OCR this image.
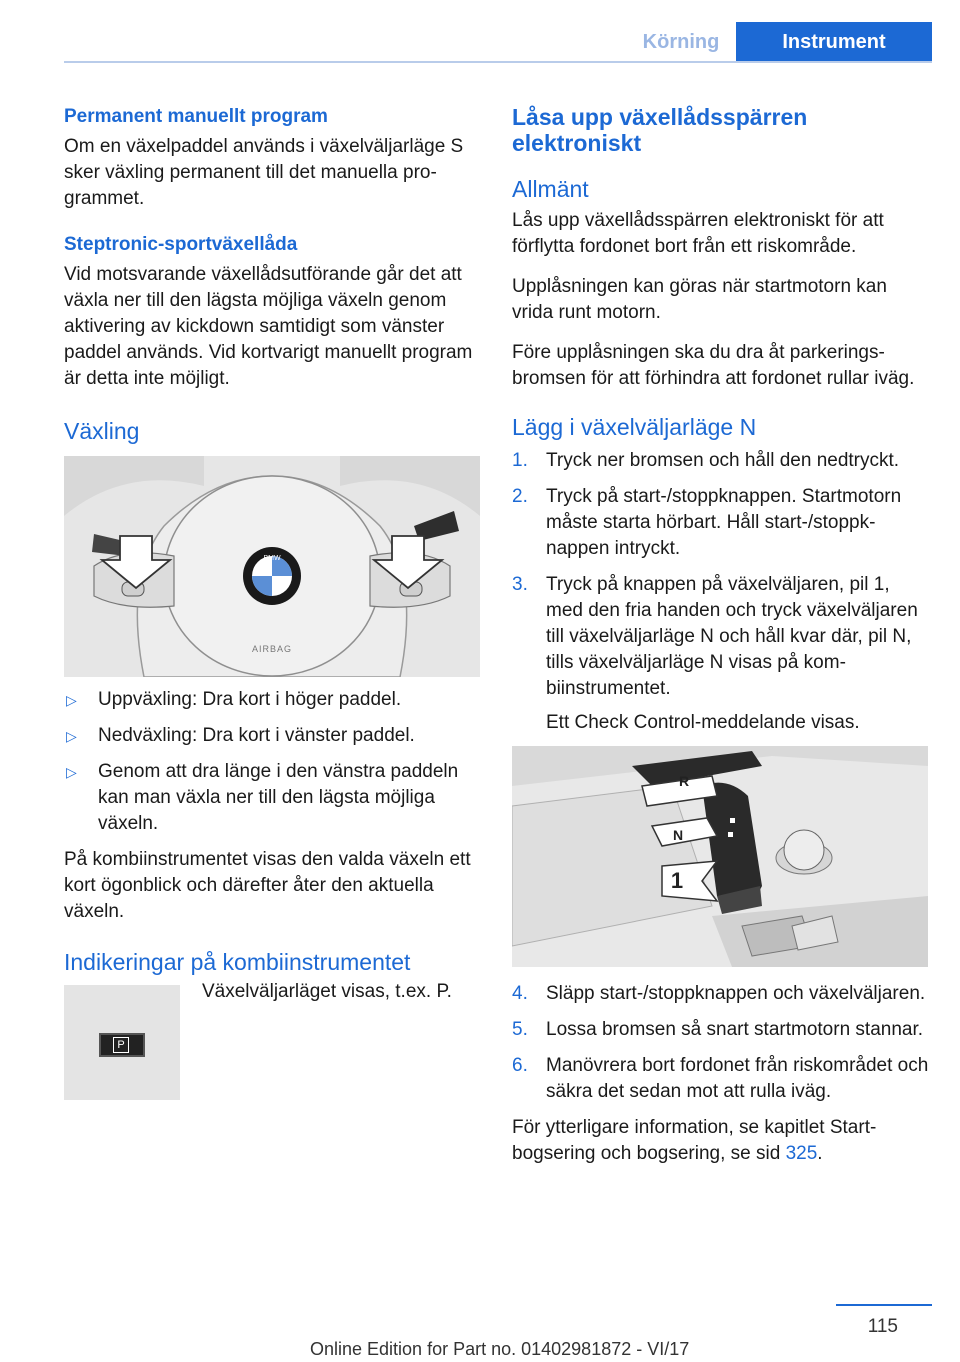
Körning	Instrument
Permanent manuellt program

Om en växelpaddel används i växelväljarläge S sker växling permanent till det manuella programmet.

Steptronic-sportväxellåda

Vid motsvarande växellådsutförande går det att växla ner till den lägsta möjliga växeln genom aktivering av kickdown samtidigt som vänster paddel används. Vid kortvarigt manuellt program är detta inte möjligt.

Växling
BMW
AIRBAG
▷ Uppväxling: Dra kort i höger paddel.
▷ Nedväxling: Dra kort i vänster paddel.
▷ Genom att dra länge i den vänstra paddeln kan man växla ner till den lägsta möjliga växeln.

På kombiinstrumentet visas den valda växeln ett kort ögonblick och därefter åter den aktuella växeln.

Indikeringar på kombiinstrumentet
P

Växelväljarläget visas, t.ex. P.

Låsa upp växellådsspärren elektroniskt
Allmänt

Lås upp växellådsspärren elektroniskt för att förflytta fordonet bort från ett riskområde.

Upplåsningen kan göras när startmotorn kan vrida runt motorn.

Före upplåsningen ska du dra åt parkeringsbromsen för att förhindra att fordonet rullar iväg.

Lägg i växelväljarläge N
1. Tryck ner bromsen och håll den nedtryckt.
2. Tryck på start-/stoppknappen. Startmotorn måste starta hörbart. Håll start-/stoppknappen intryckt.
3. Tryck på knappen på växelväljaren, pil 1, med den fria handen och tryck växelväljaren till växelväljarläge N och håll kvar där, pil N, tills växelväljarläge N visas på kombiinstrumentet.
Ett Check Control-meddelande visas.
R
N
1
4. Släpp start-/stoppknappen och växelväljaren.
5. Lossa bromsen så snart startmotorn stannar.
6. Manövrera bort fordonet från riskområdet och säkra det sedan mot att rulla iväg.

För ytterligare information, se kapitlet Startbogsering och bogsering, se sid 325.

115
Online Edition for Part no. 01402981872 - VI/17
